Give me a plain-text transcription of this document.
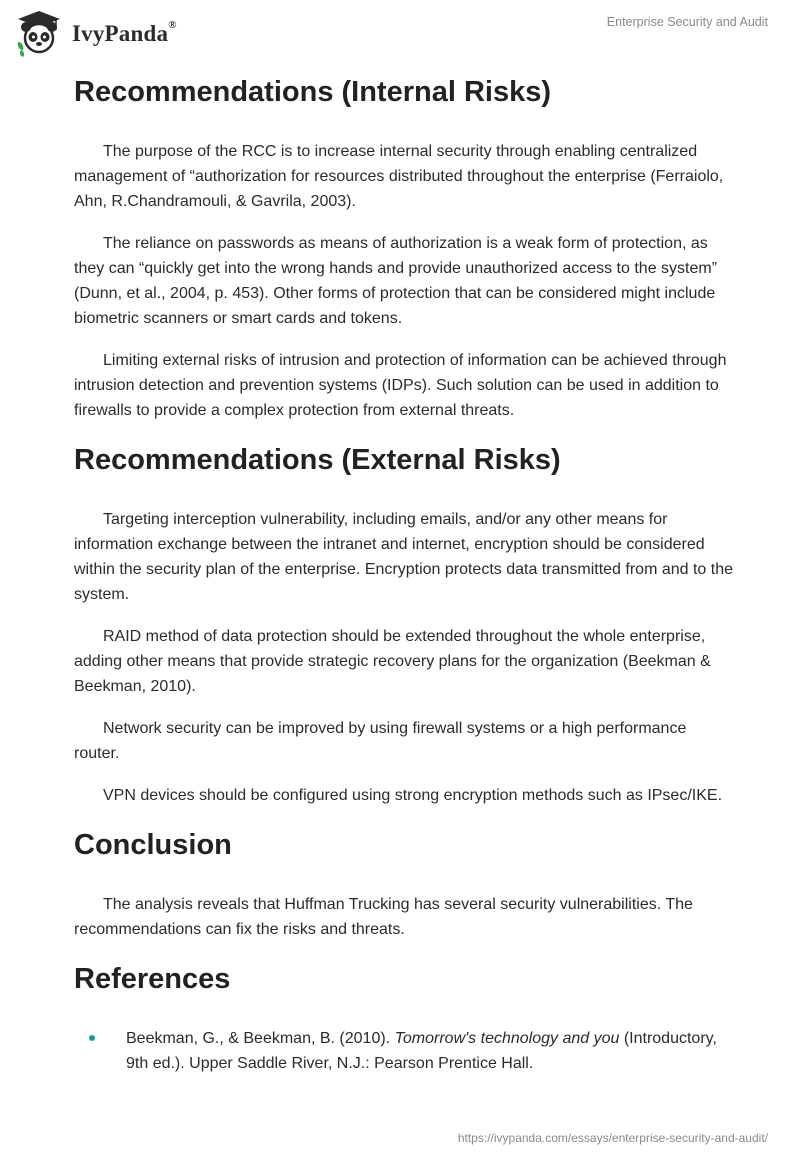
IvyPanda®	Enterprise Security and Audit
Recommendations (Internal Risks)

The purpose of the RCC is to increase internal security through enabling centralized management of “authorization for resources distributed throughout the enterprise (Ferraiolo, Ahn, R.Chandramouli, & Gavrila, 2003).

The reliance on passwords as means of authorization is a weak form of protection, as they can “quickly get into the wrong hands and provide unauthorized access to the system” (Dunn, et al., 2004, p. 453). Other forms of protection that can be considered might include biometric scanners or smart cards and tokens.

Limiting external risks of intrusion and protection of information can be achieved through intrusion detection and prevention systems (IDPs). Such solution can be used in addition to firewalls to provide a complex protection from external threats.

Recommendations (External Risks)

Targeting interception vulnerability, including emails, and/or any other means for information exchange between the intranet and internet, encryption should be considered within the security plan of the enterprise. Encryption protects data transmitted from and to the system.

RAID method of data protection should be extended throughout the whole enterprise, adding other means that provide strategic recovery plans for the organization (Beekman & Beekman, 2010).

Network security can be improved by using firewall systems or a high performance router.

VPN devices should be configured using strong encryption methods such as IPsec/IKE.

Conclusion

The analysis reveals that Huffman Trucking has several security vulnerabilities. The recommendations can fix the risks and threats.

References
Beekman, G., & Beekman, B. (2010). Tomorrow's technology and you (Introductory, 9th ed.). Upper Saddle River, N.J.: Pearson Prentice Hall.
https://ivypanda.com/essays/enterprise-security-and-audit/
